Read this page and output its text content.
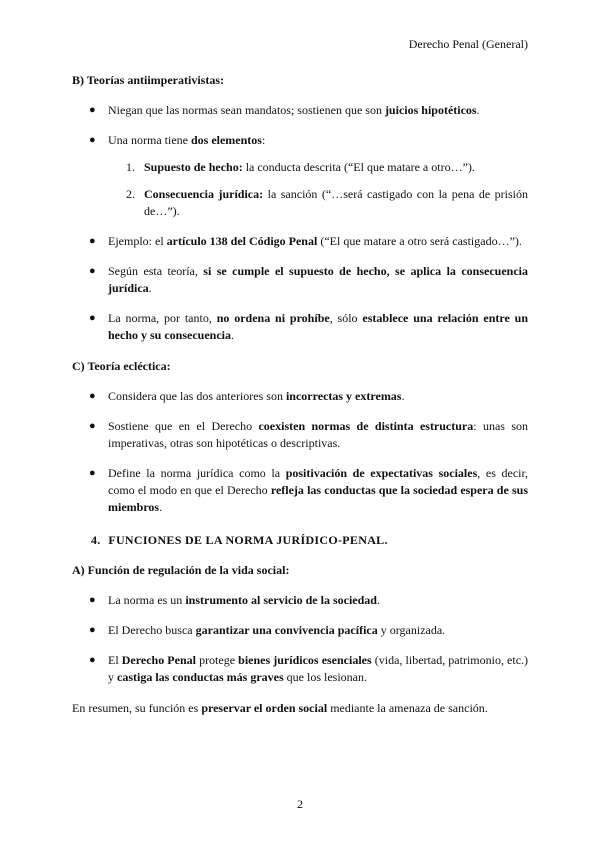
Derecho Penal (General)

B) Teorías antiimperativistas:

● Niegan que las normas sean mandatos; sostienen que son juicios hipotéticos.
● Una norma tiene dos elementos:
1. Supuesto de hecho: la conducta descrita (“El que matare a otro…”).
2. Consecuencia jurídica: la sanción (“…será castigado con la pena de prisión de…”).
● Ejemplo: el artículo 138 del Código Penal (“El que matare a otro será castigado…”).
● Según esta teoría, si se cumple el supuesto de hecho, se aplica la consecuencia jurídica.
● La norma, por tanto, no ordena ni prohíbe, sólo establece una relación entre un hecho y su consecuencia.

C) Teoría ecléctica:

● Considera que las dos anteriores son incorrectas y extremas.
● Sostiene que en el Derecho coexisten normas de distinta estructura: unas son imperativas, otras son hipotéticas o descriptivas.
● Define la norma jurídica como la positivación de expectativas sociales, es decir, como el modo en que el Derecho refleja las conductas que la sociedad espera de sus miembros.
4. FUNCIONES DE LA NORMA JURÍDICO-PENAL.

A) Función de regulación de la vida social:

● La norma es un instrumento al servicio de la sociedad.
● El Derecho busca garantizar una convivencia pacífica y organizada.
● El Derecho Penal protege bienes jurídicos esenciales (vida, libertad, patrimonio, etc.) y castiga las conductas más graves que los lesionan.

En resumen, su función es preservar el orden social mediante la amenaza de sanción.

2
